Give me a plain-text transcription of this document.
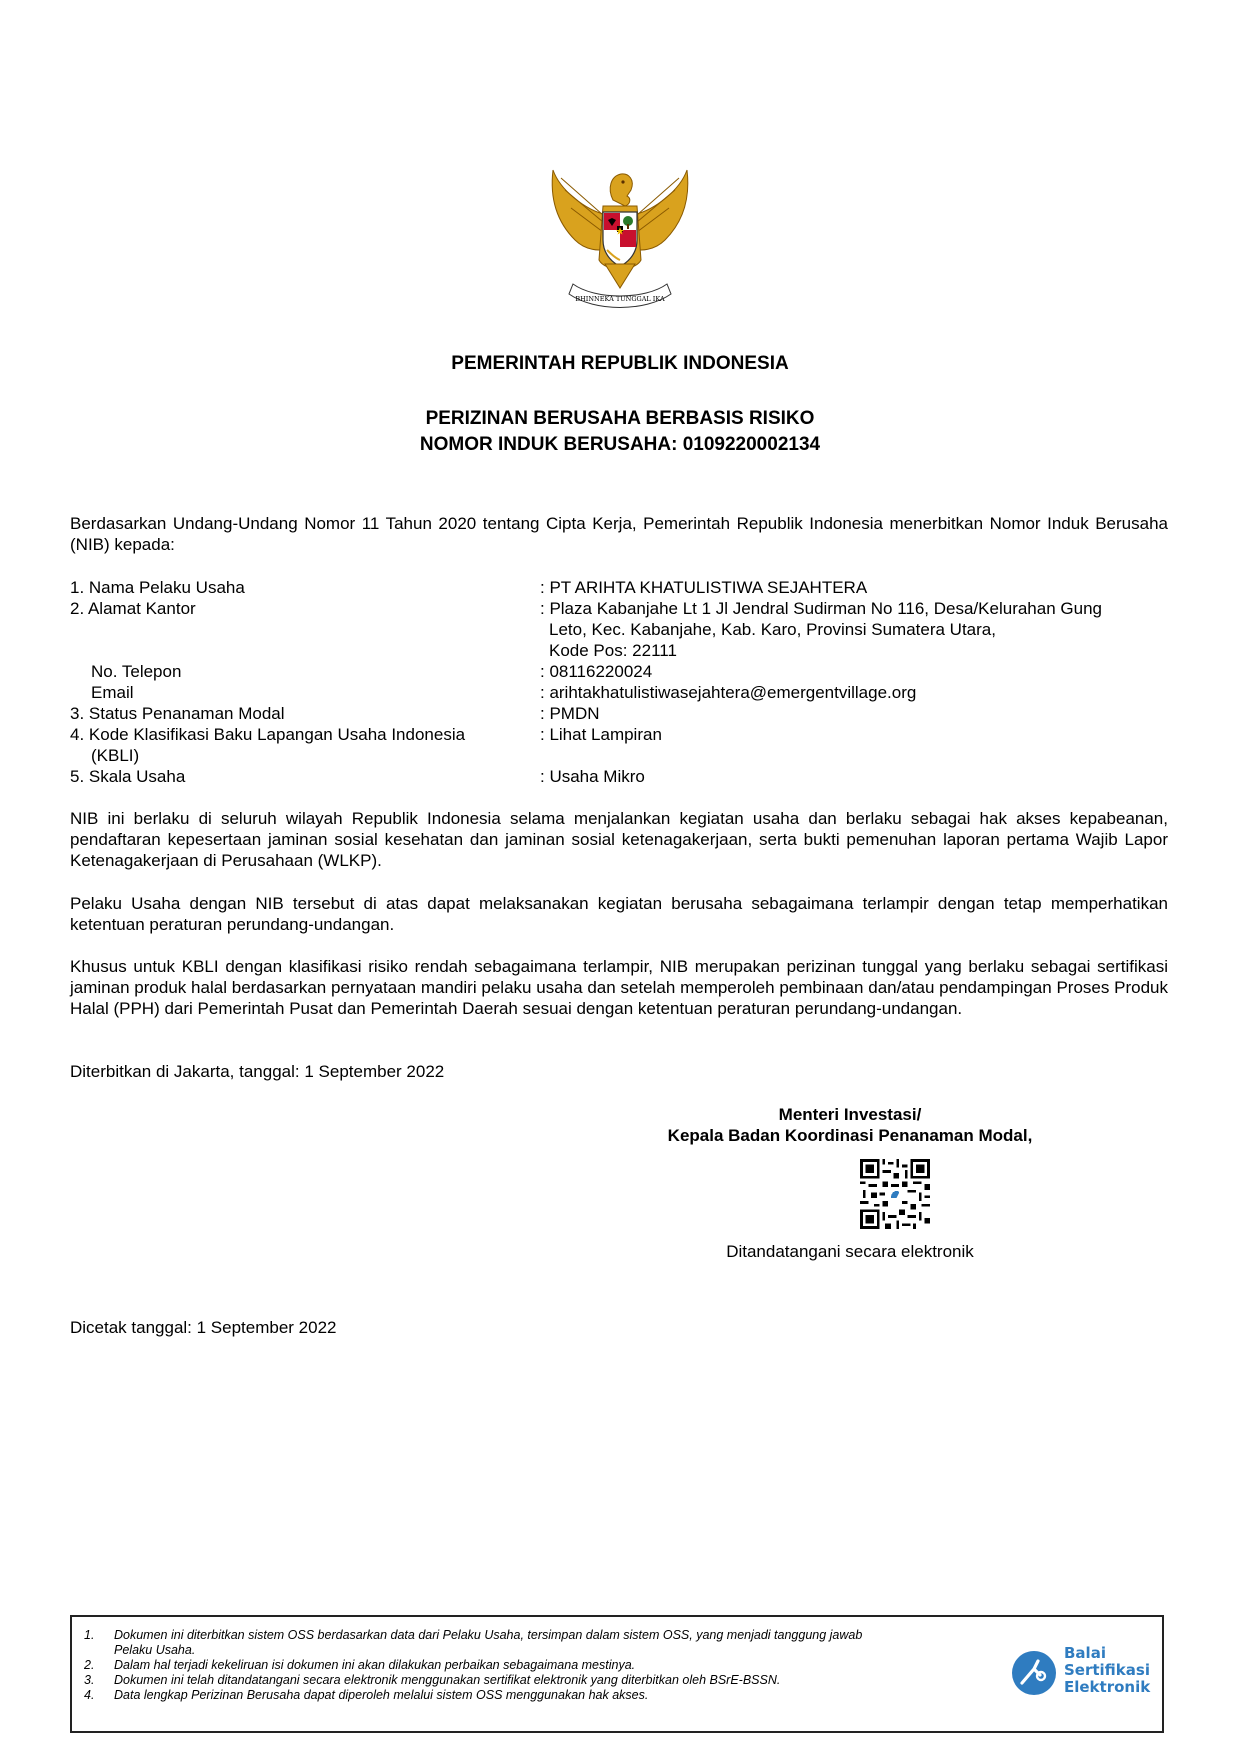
BHINNEKA TUNGGAL IKA
PEMERINTAH REPUBLIK INDONESIA
PERIZINAN BERUSAHA BERBASIS RISIKO
NOMOR INDUK BERUSAHA: 0109220002134
Berdasarkan Undang-Undang Nomor 11 Tahun 2020 tentang Cipta Kerja, Pemerintah Republik Indonesia menerbitkan Nomor Induk Berusaha (NIB) kepada:
1. Nama Pelaku Usaha	: PT ARIHTA KHATULISTIWA SEJAHTERA
2. Alamat Kantor	: Plaza Kabanjahe Lt 1 Jl Jendral Sudirman No 116, Desa/Kelurahan Gung
Leto, Kec. Kabanjahe, Kab. Karo, Provinsi Sumatera Utara,
Kode Pos: 22111
No. Telepon	: 08116220024
Email	: arihtakhatulistiwasejahtera@emergentvillage.org
3. Status Penanaman Modal	: PMDN
4. Kode Klasifikasi Baku Lapangan Usaha Indonesia
(KBLI)
: Lihat Lampiran
5. Skala Usaha	: Usaha Mikro
NIB ini berlaku di seluruh wilayah Republik Indonesia selama menjalankan kegiatan usaha dan berlaku sebagai hak akses kepabeanan, pendaftaran kepesertaan jaminan sosial kesehatan dan jaminan sosial ketenagakerjaan, serta bukti pemenuhan laporan pertama Wajib Lapor Ketenagakerjaan di Perusahaan (WLKP).
Pelaku Usaha dengan NIB tersebut di atas dapat melaksanakan kegiatan berusaha sebagaimana terlampir dengan tetap memperhatikan ketentuan peraturan perundang-undangan.
Khusus untuk KBLI dengan klasifikasi risiko rendah sebagaimana terlampir, NIB merupakan perizinan tunggal yang berlaku sebagai sertifikasi jaminan produk halal berdasarkan pernyataan mandiri pelaku usaha dan setelah memperoleh pembinaan dan/atau pendampingan Proses Produk Halal (PPH) dari Pemerintah Pusat dan Pemerintah Daerah sesuai dengan ketentuan peraturan perundang-undangan.
Diterbitkan di Jakarta, tanggal: 1 September 2022
Menteri Investasi/
Kepala Badan Koordinasi Penanaman Modal,
Ditandatangani secara elektronik
Dicetak tanggal: 1 September 2022
1.	Dokumen ini diterbitkan sistem OSS berdasarkan data dari Pelaku Usaha, tersimpan dalam sistem OSS, yang menjadi tanggung jawab
Pelaku Usaha.
2.	Dalam hal terjadi kekeliruan isi dokumen ini akan dilakukan perbaikan sebagaimana mestinya.
3.	Dokumen ini telah ditandatangani secara elektronik menggunakan sertifikat elektronik yang diterbitkan oleh BSrE-BSSN.
4.	Data lengkap Perizinan Berusaha dapat diperoleh melalui sistem OSS menggunakan hak akses.
Balai
Sertifikasi
Elektronik
